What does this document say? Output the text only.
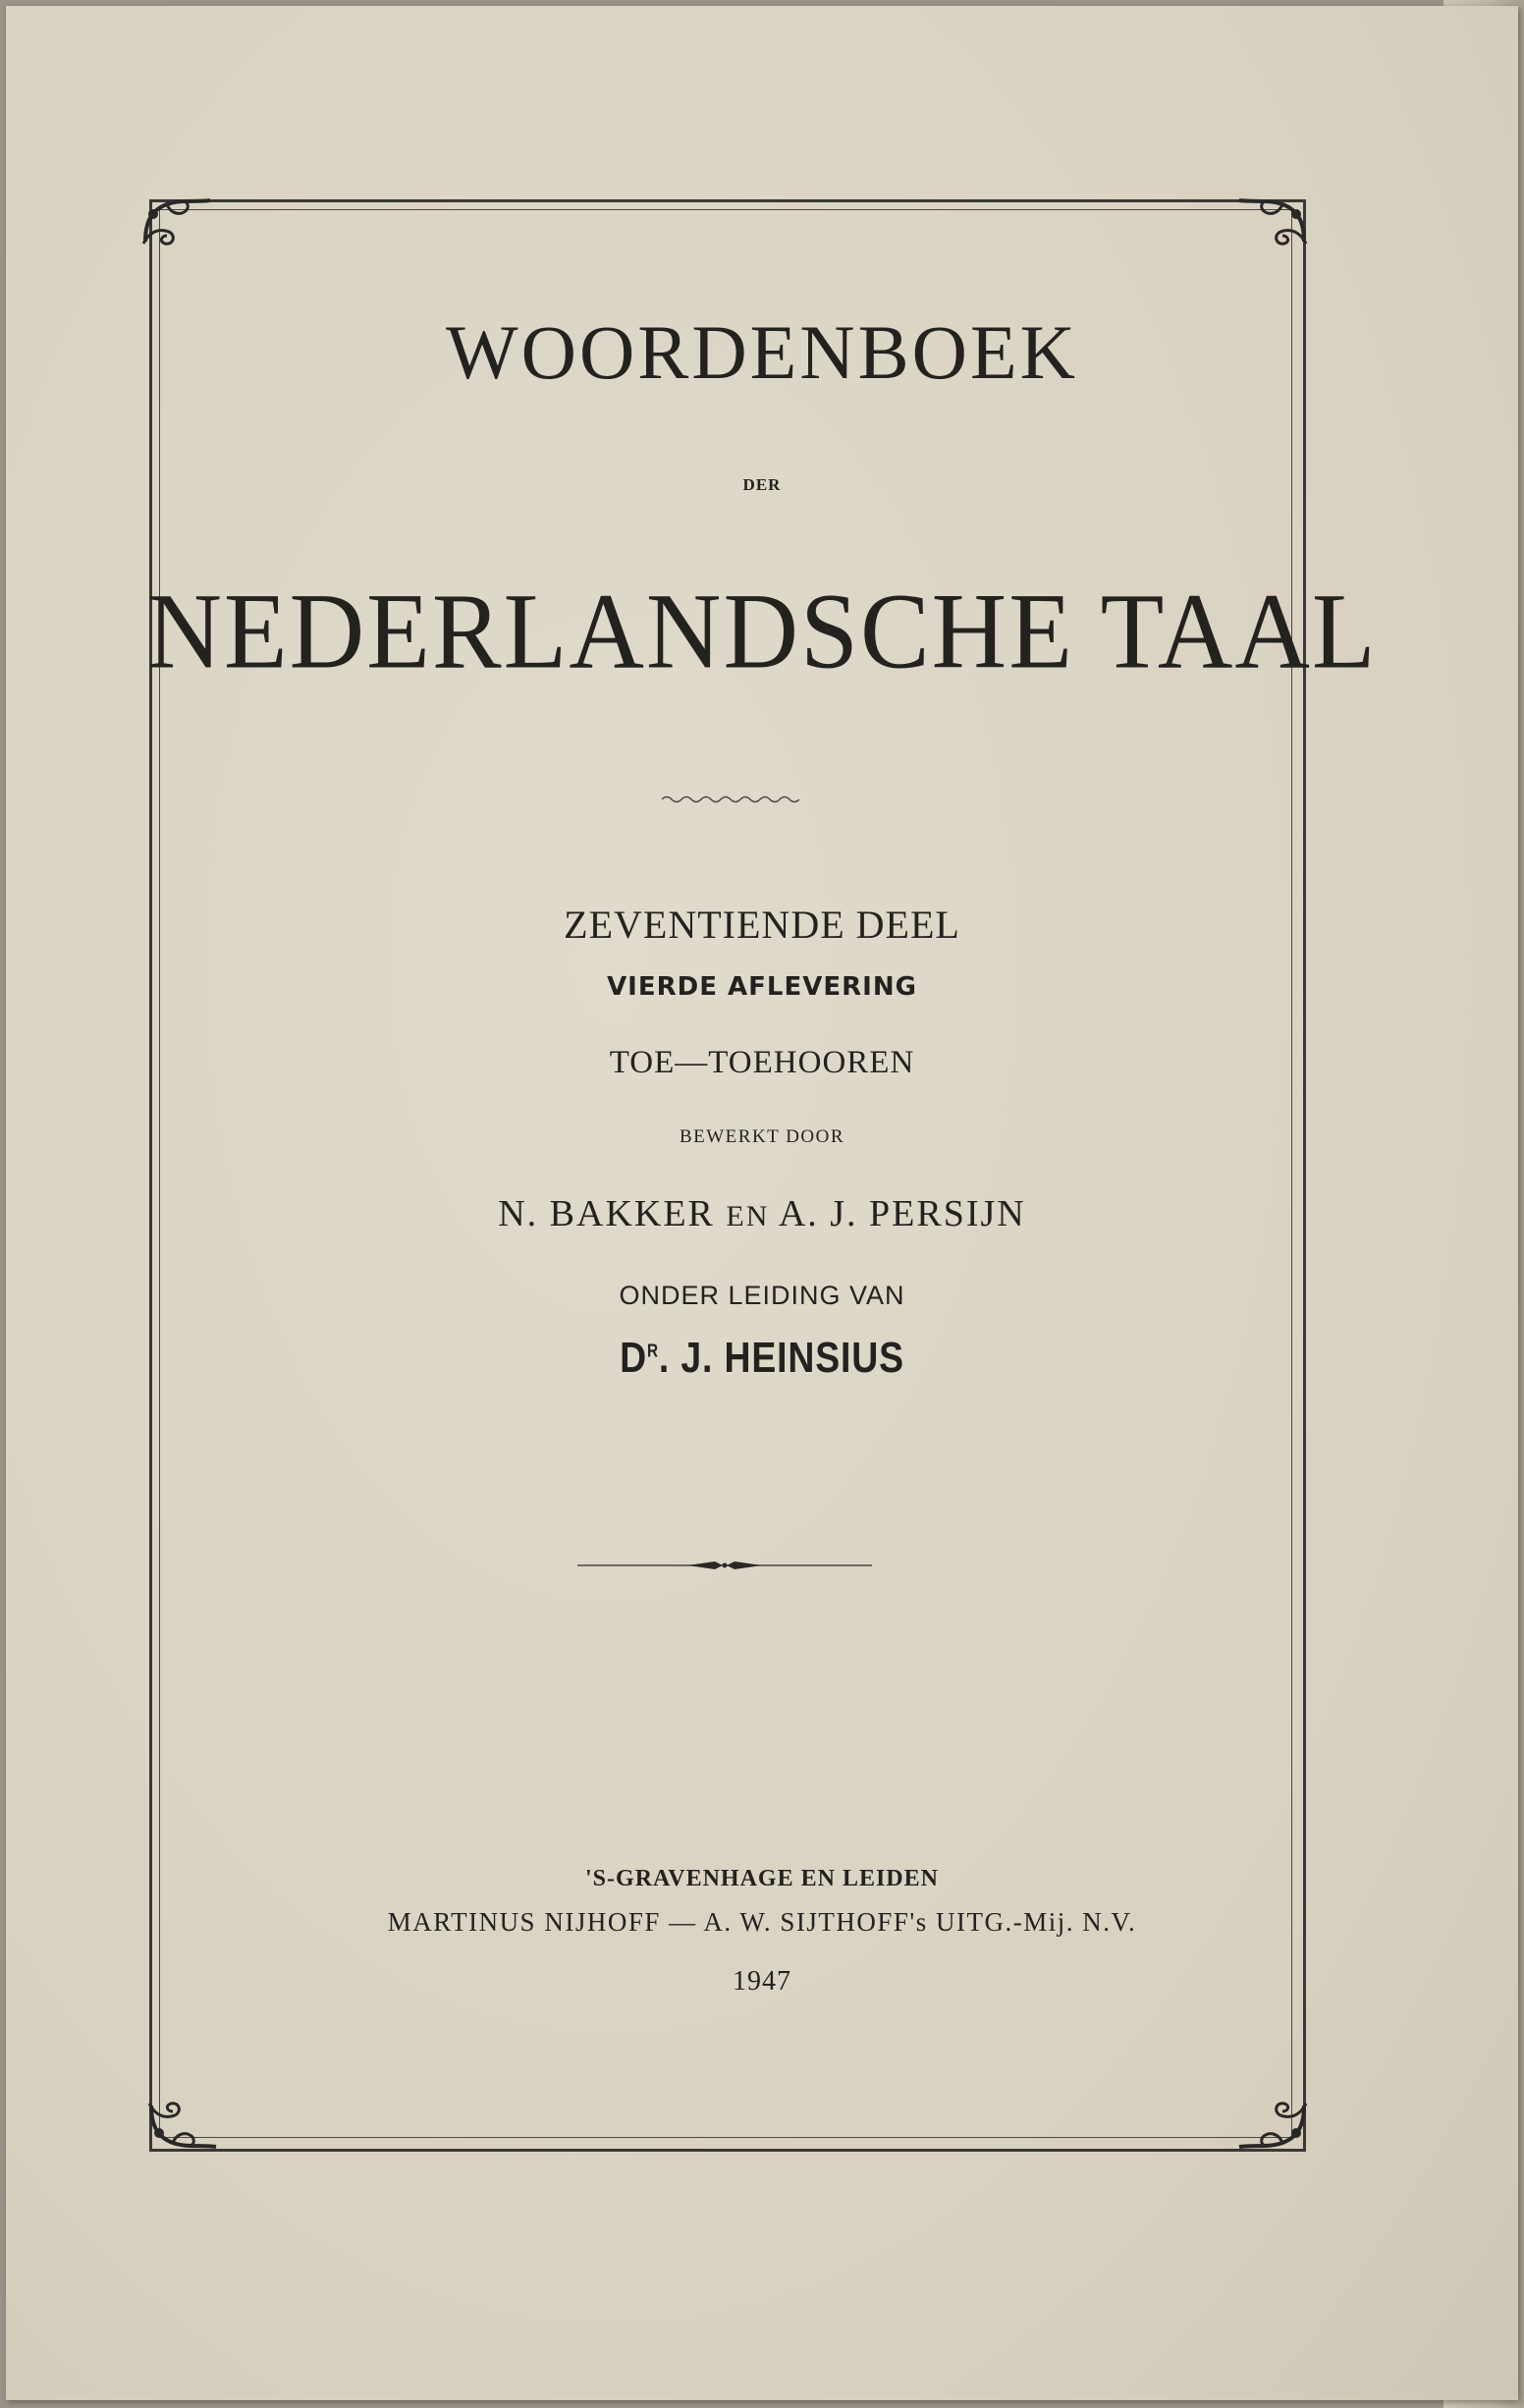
WOORDENBOEK
DER
NEDERLANDSCHE TAAL
ZEVENTIENDE DEEL
VIERDE AFLEVERING
TOE—TOEHOOREN
BEWERKT DOOR
N. BAKKER EN A. J. PERSIJN
ONDER LEIDING VAN
$D^R$. J. HEINSIUS
'S-GRAVENHAGE EN LEIDEN
MARTINUS NIJHOFF — A. W. SIJTHOFF's UITG.-Mij. N.V.
1947
